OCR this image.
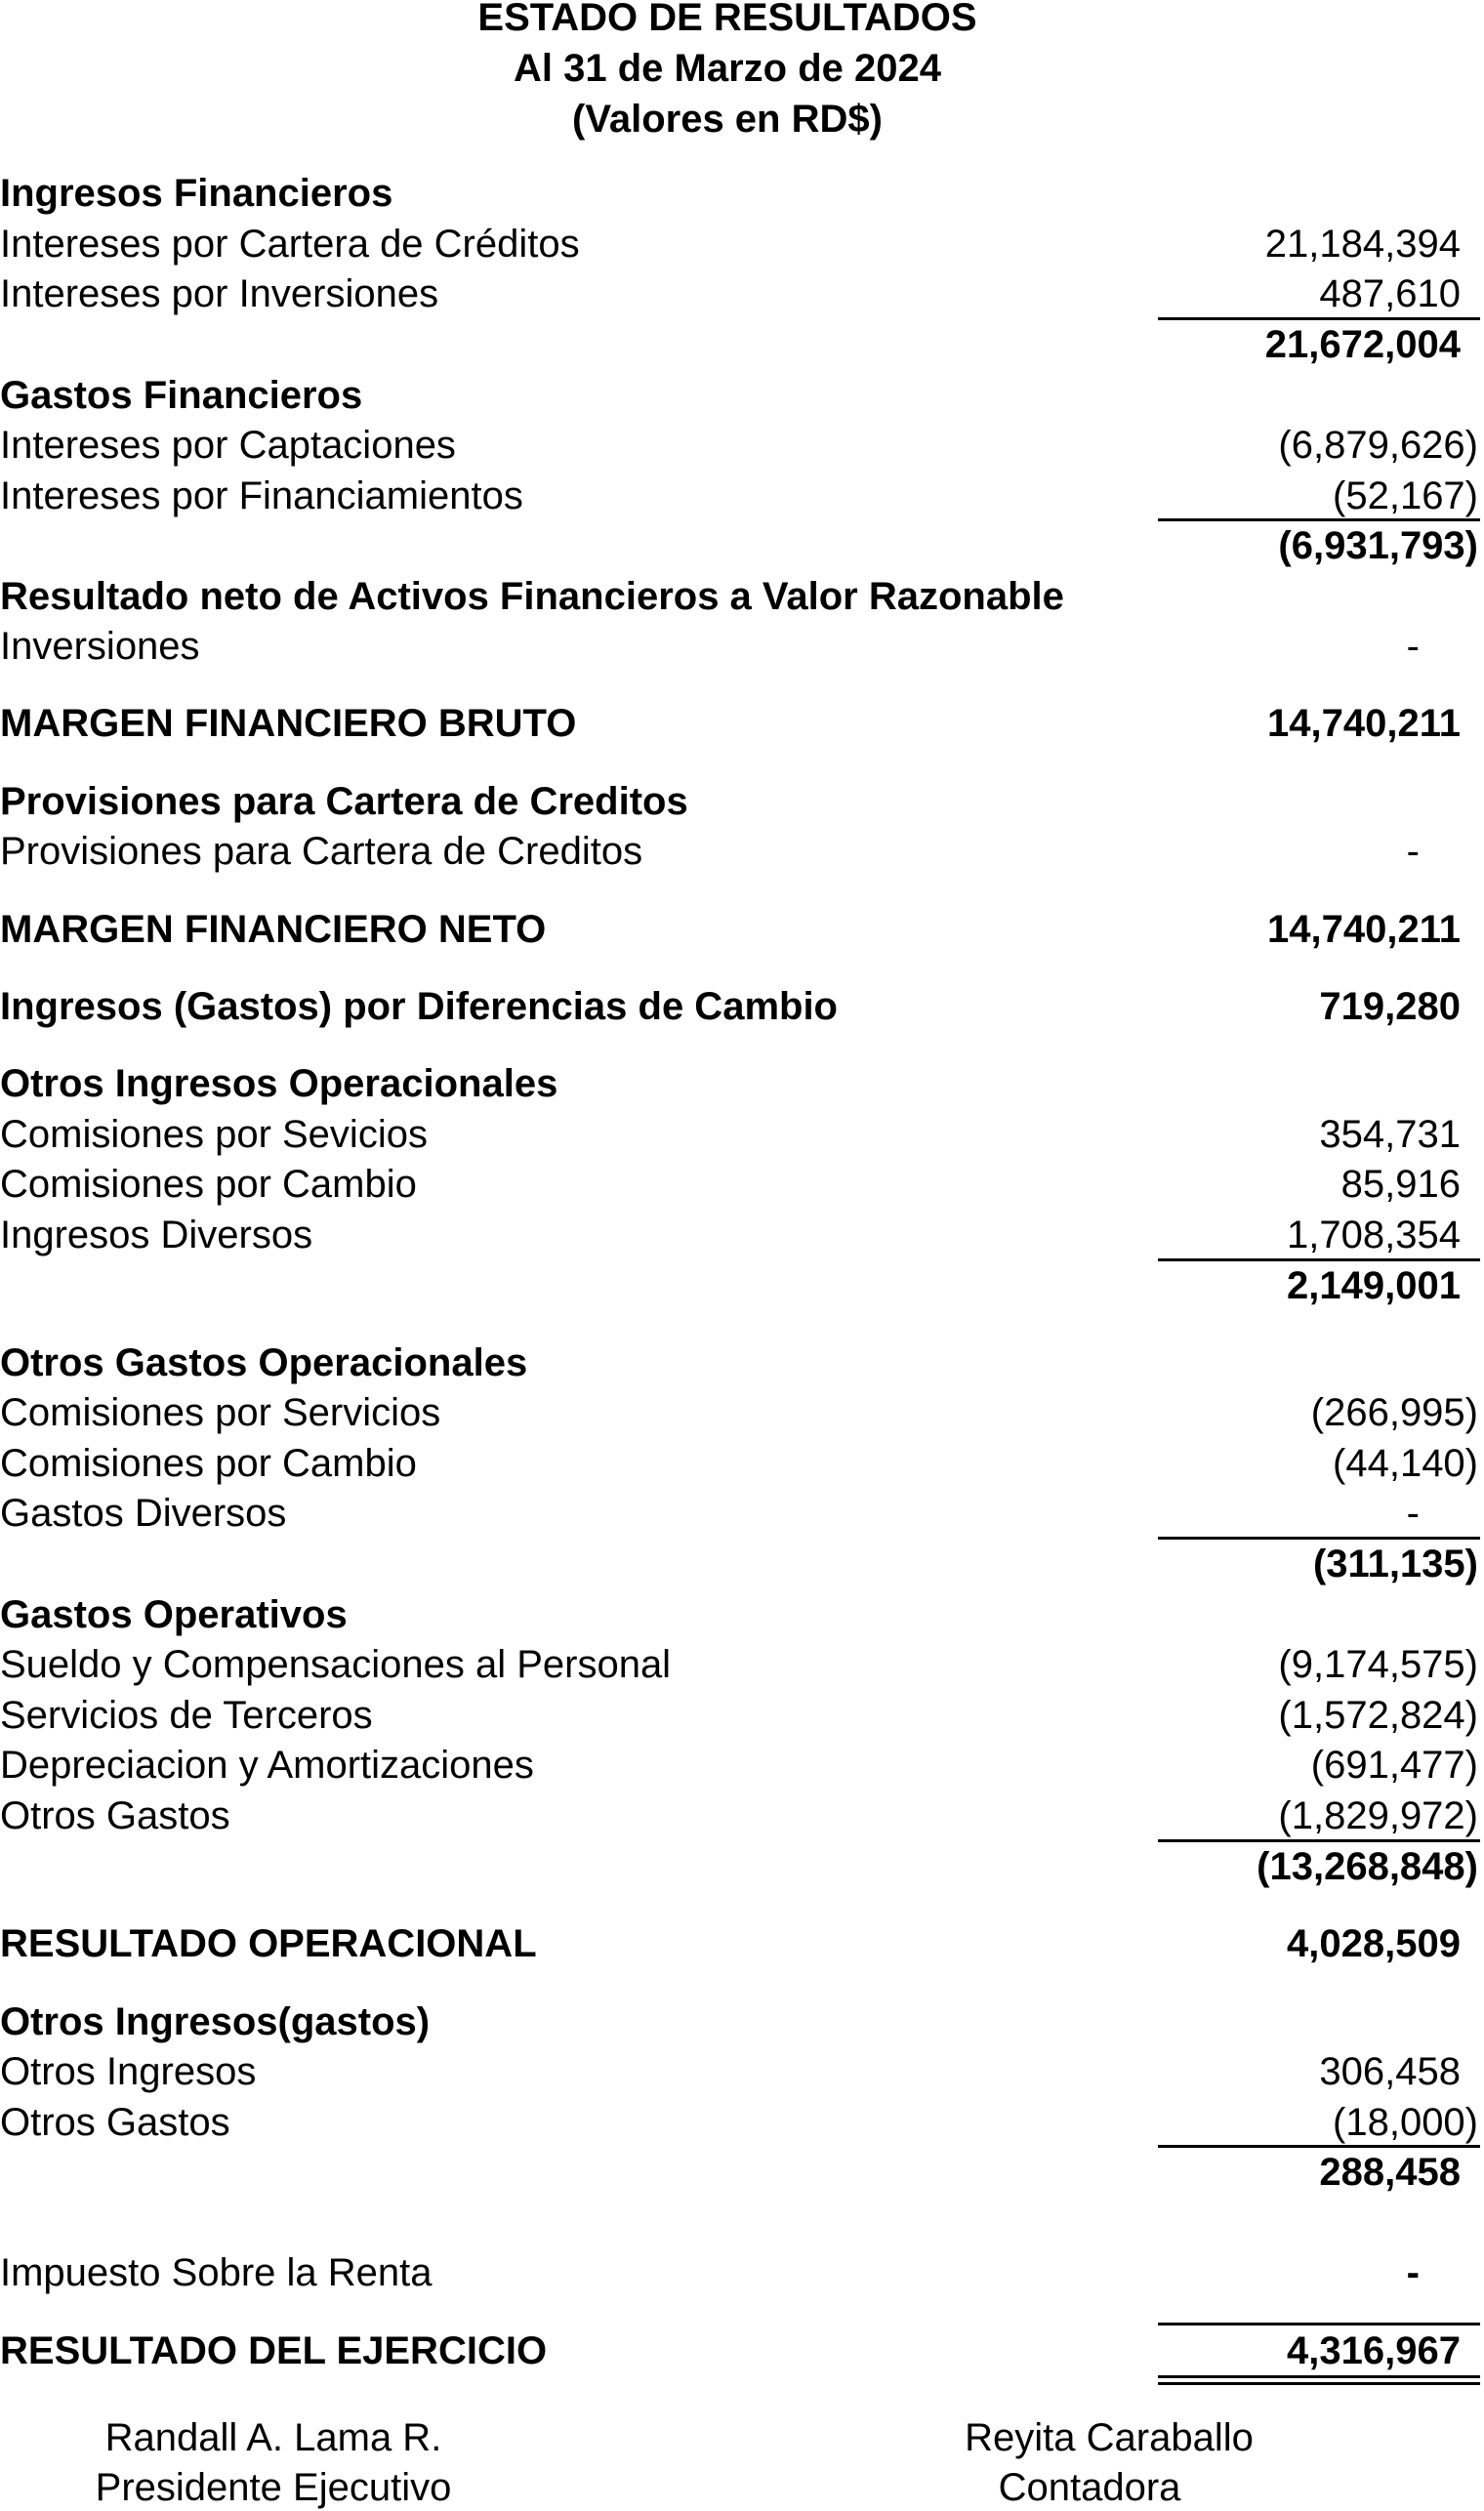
ESTADO DE RESULTADOS
Al 31 de Marzo de 2024
(Valores en RD$)
Ingresos Financieros
Intereses por Cartera de Créditos	21,184,394
Intereses por Inversiones	487,610
21,672,004
Gastos Financieros
Intereses por Captaciones	(6,879,626)
Intereses por Financiamientos	(52,167)
(6,931,793)
Resultado neto de Activos Financieros a Valor Razonable
Inversiones	-
MARGEN FINANCIERO BRUTO	14,740,211
Provisiones para Cartera de Creditos
Provisiones para Cartera de Creditos	-
MARGEN FINANCIERO NETO	14,740,211
Ingresos (Gastos) por Diferencias de Cambio	719,280
Otros Ingresos Operacionales
Comisiones por Sevicios	354,731
Comisiones por Cambio	85,916
Ingresos Diversos	1,708,354
2,149,001
Otros Gastos Operacionales
Comisiones por Servicios	(266,995)
Comisiones por Cambio	(44,140)
Gastos Diversos	-
(311,135)
Gastos Operativos
Sueldo y Compensaciones al Personal	(9,174,575)
Servicios de Terceros	(1,572,824)
Depreciacion y Amortizaciones	(691,477)
Otros Gastos	(1,829,972)
(13,268,848)
RESULTADO OPERACIONAL	4,028,509
Otros Ingresos(gastos)
Otros Ingresos	306,458
Otros Gastos	(18,000)
288,458
Impuesto Sobre la Renta	-
RESULTADO DEL EJERCICIO	4,316,967
Randall A. Lama R.
Presidente Ejecutivo
Reyita Caraballo
Contadora
